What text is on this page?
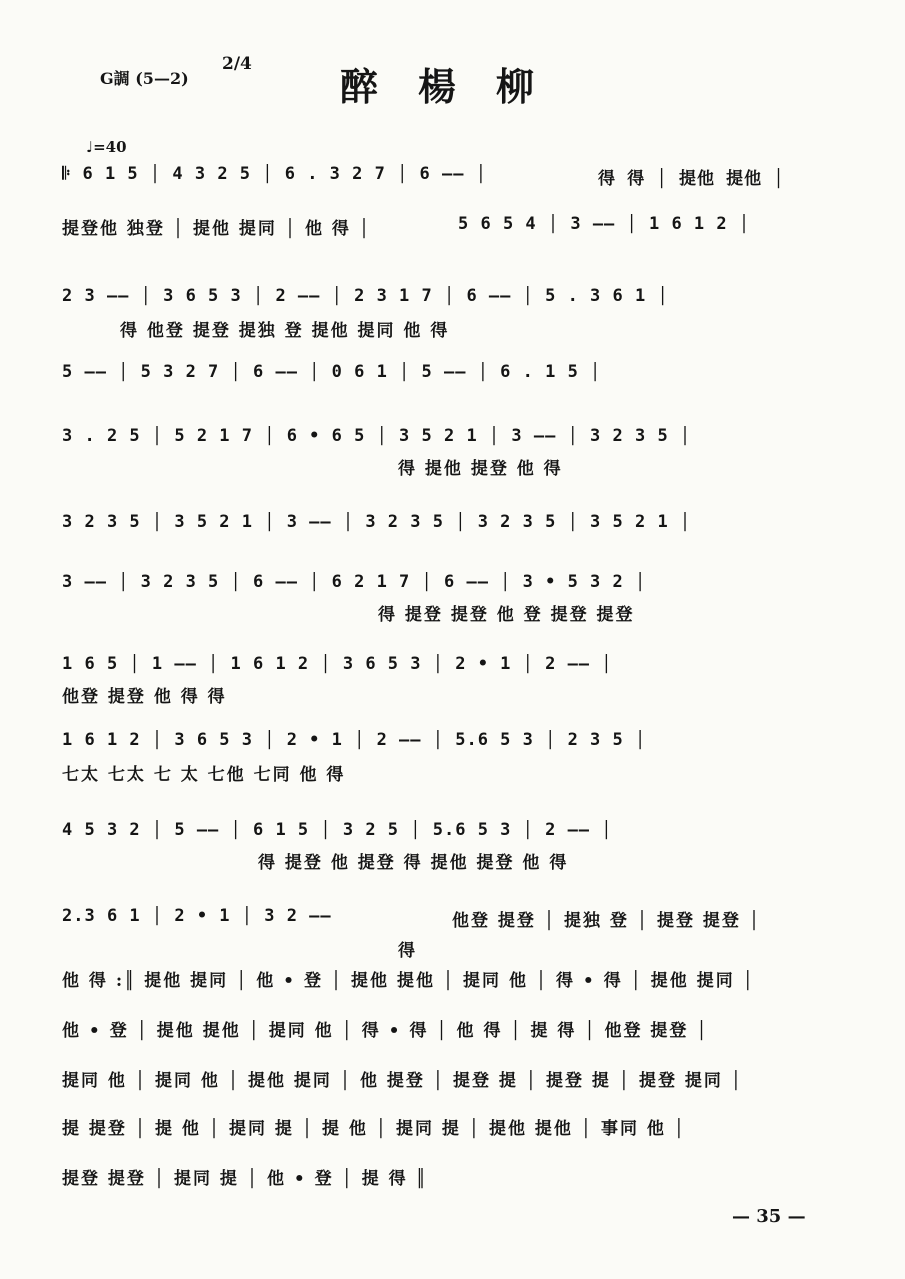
G調 (5—2)
2/4 醉楊柳
♩=40
𝄆 6 1 5 │ 4 3 2 5 │ 6 . 3 2 7 │ 6 —— │	得 得 │ 提他 提他 │
提登他 独登 │ 提他 提同 │ 他 得 │	5 6 5 4 │ 3 —— │ 1 6 1 2 │
2 3 —— │ 3 6 5 3 │ 2 —— │ 2 3 1 7 │ 6 —— │ 5 . 3 6 1 │
得 他登 提登 提独 登 提他 提同 他 得
5 —— │ 5 3 2 7 │ 6 —— │ 0 6 1 │ 5 —— │ 6 . 1 5 │
3 . 2 5 │ 5 2 1 7 │ 6 • 6 5 │ 3 5 2 1 │ 3 —— │ 3 2 3 5 │
得 提他 提登 他 得
3 2 3 5 │ 3 5 2 1 │ 3 —— │ 3 2 3 5 │ 3 2 3 5 │ 3 5 2 1 │
3 —— │ 3 2 3 5 │ 6 —— │ 6 2 1 7 │ 6 —— │ 3 • 5 3 2 │
得 提登 提登 他 登 提登 提登
1 6 5 │ 1 —— │ 1 6 1 2 │ 3 6 5 3 │ 2 • 1 │ 2 —— │
他登 提登 他 得 得
1 6 1 2 │ 3 6 5 3 │ 2 • 1 │ 2 —— │ 5.6 5 3 │ 2 3 5 │
七太 七太 七 太 七他 七同 他 得
4 5 3 2 │ 5 —— │ 6 1 5 │ 3 2 5 │ 5.6 5 3 │ 2 —— │
得 提登 他 提登 得 提他 提登 他 得
2.3 6 1 │ 2 • 1 │ 3 2 ——	他登 提登 │ 提独 登 │ 提登 提登 │
得
他 得 :║ 提他 提同 │ 他 • 登 │ 提他 提他 │ 提同 他 │ 得 • 得 │ 提他 提同 │
他 • 登 │ 提他 提他 │ 提同 他 │ 得 • 得 │ 他 得 │ 提 得 │ 他登 提登 │
提同 他 │ 提同 他 │ 提他 提同 │ 他 提登 │ 提登 提 │ 提登 提 │ 提登 提同 │
提 提登 │ 提 他 │ 提同 提 │ 提 他 │ 提同 提 │ 提他 提他 │ 事同 他 │
提登 提登 │ 提同 提 │ 他 • 登 │ 提 得 ║
— 35 —
